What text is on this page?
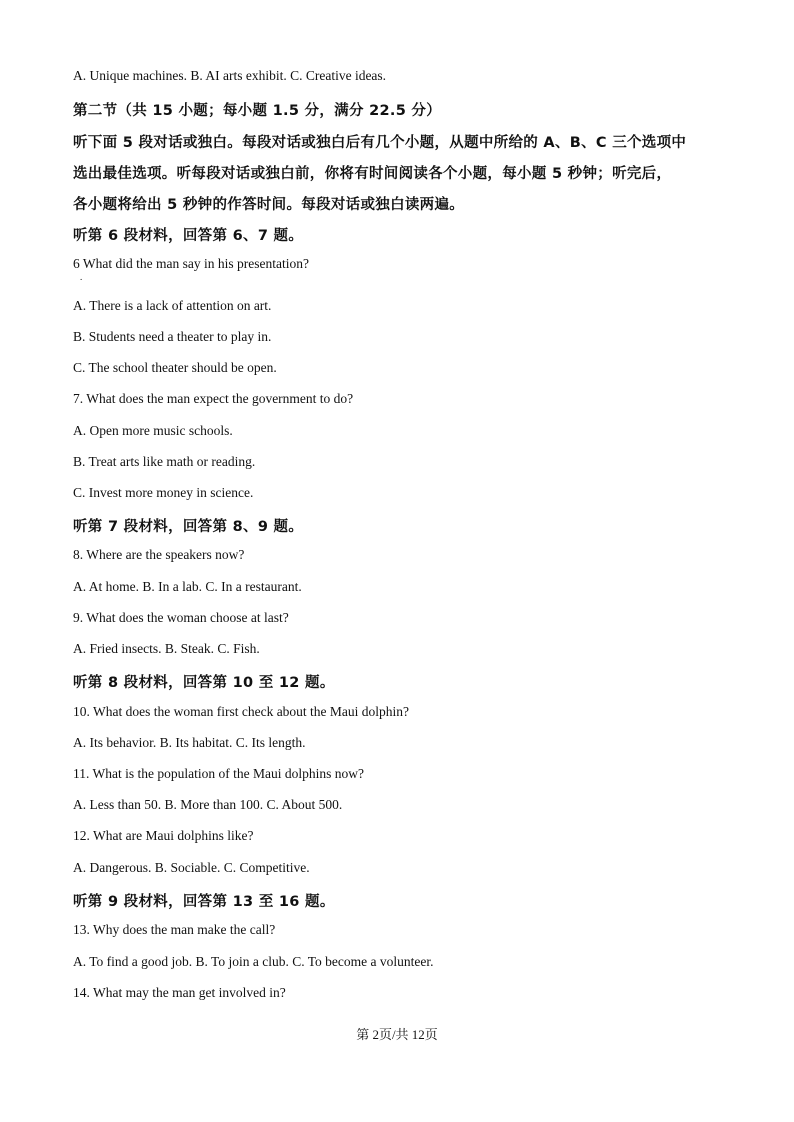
A. Unique machines. B. AI arts exhibit. C. Creative ideas.
第二节（共 15 小题；每小题 1.5 分，满分 22.5 分）
听下面 5 段对话或独白。每段对话或独白后有几个小题，从题中所给的 A、B、C 三个选项中
选出最佳选项。听每段对话或独白前，你将有时间阅读各个小题，每小题 5 秒钟；听完后，
各小题将给出 5 秒钟的作答时间。每段对话或独白读两遍。
听第 6 段材料，回答第 6、7 题。
6 What did the man say in his presentation?
.
A. There is a lack of attention on art.
B. Students need a theater to play in.
C. The school theater should be open.
7. What does the man expect the government to do?
A. Open more music schools.
B. Treat arts like math or reading.
C. Invest more money in science.
听第 7 段材料，回答第 8、9 题。
8. Where are the speakers now?
A. At home. B. In a lab. C. In a restaurant.
9. What does the woman choose at last?
A. Fried insects. B. Steak. C. Fish.
听第 8 段材料，回答第 10 至 12 题。
10. What does the woman first check about the Maui dolphin?
A. Its behavior. B. Its habitat. C. Its length.
11. What is the population of the Maui dolphins now?
A. Less than 50. B. More than 100. C. About 500.
12. What are Maui dolphins like?
A. Dangerous. B. Sociable. C. Competitive.
听第 9 段材料，回答第 13 至 16 题。
13. Why does the man make the call?
A. To find a good job. B. To join a club. C. To become a volunteer.
14. What may the man get involved in?
第 2页/共 12页
